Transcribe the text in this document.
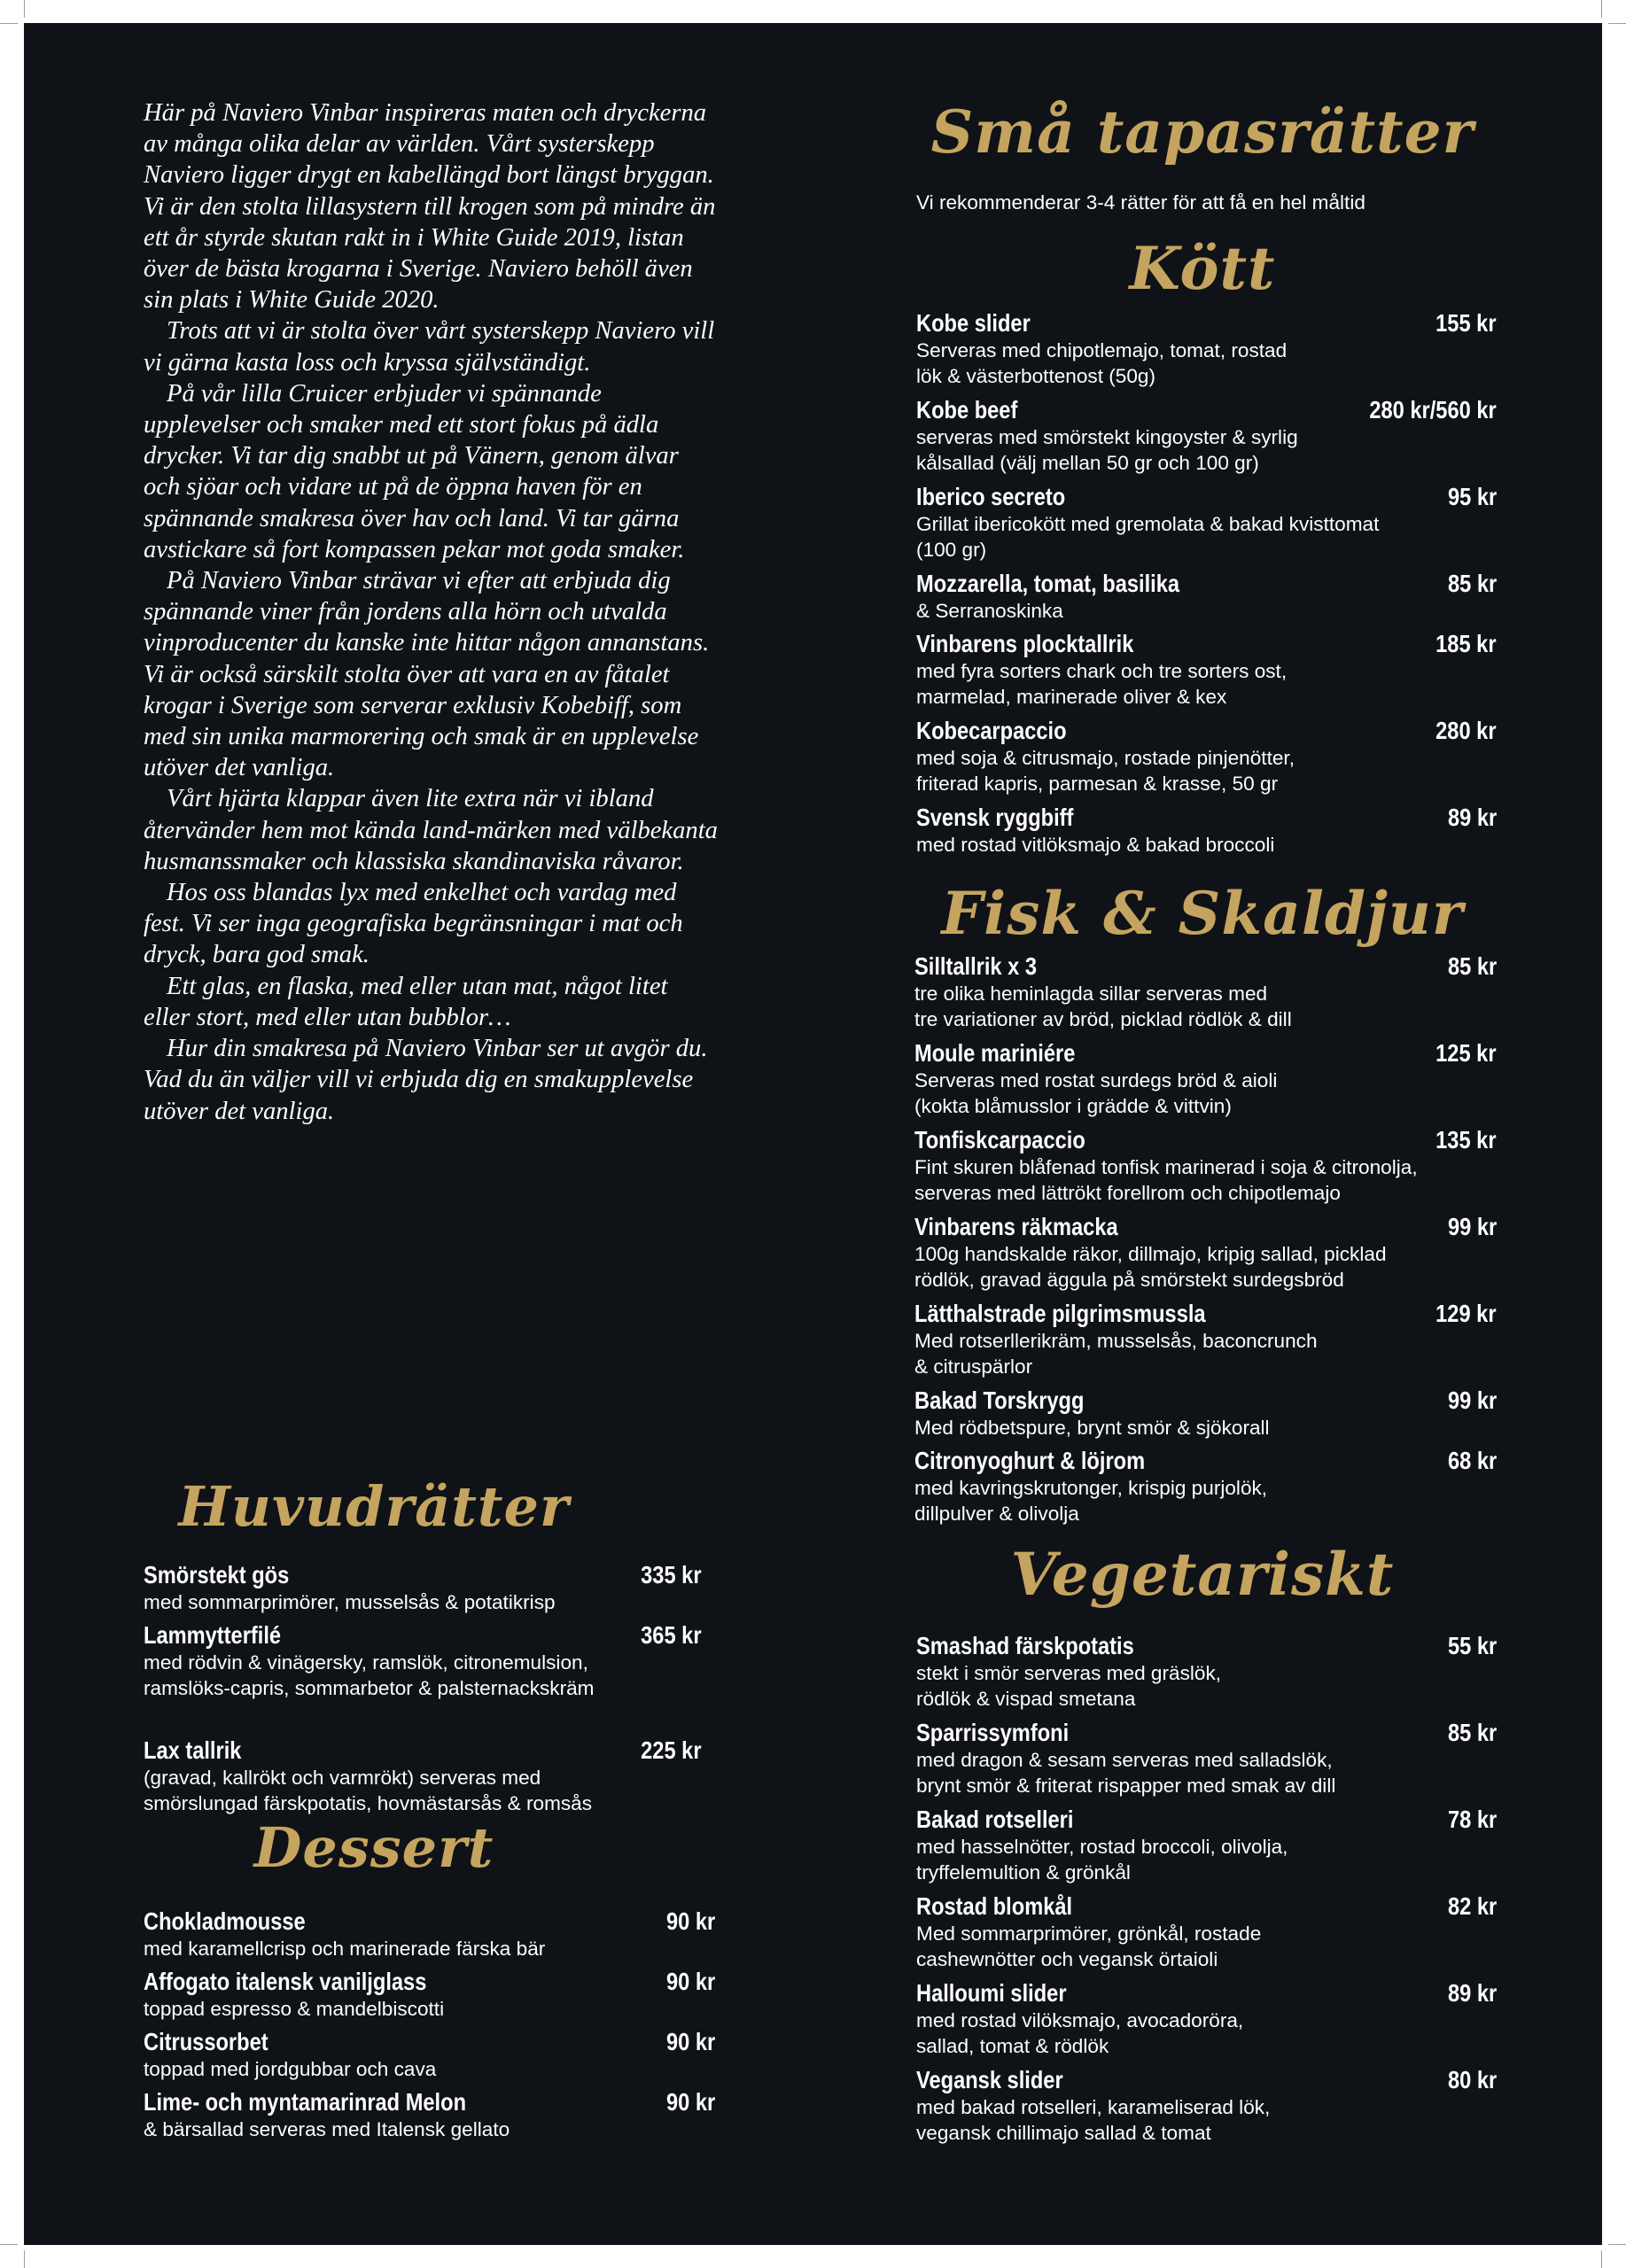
Här på Naviero Vinbar inspireras maten och dryckerna av många olika delar av världen. Vårt systerskepp Naviero ligger drygt en kabellängd bort längst bryggan. Vi är den stolta lillasystern till krogen som på mindre än ett år styrde skutan rakt in i White Guide 2019, listan över de bästa krogarna i Sverige. Naviero behöll även sin plats i White Guide 2020.

Trots att vi är stolta över vårt systerskepp Naviero vill vi gärna kasta loss och kryssa självständigt.

På vår lilla Cruicer erbjuder vi spännande upplevelser och smaker med ett stort fokus på ädla drycker. Vi tar dig snabbt ut på Vänern, genom älvar och sjöar och vidare ut på de öppna haven för en spännande smakresa över hav och land. Vi tar gärna avstickare så fort kompassen pekar mot goda smaker.

På Naviero Vinbar strävar vi efter att erbjuda dig spännande viner från jordens alla hörn och utvalda vinproducenter du kanske inte hittar någon annanstans. Vi är också särskilt stolta över att vara en av fåtalet krogar i Sverige som serverar exklusiv Kobebiff, som med sin unika marmorering och smak är en upplevelse utöver det vanliga.

Vårt hjärta klappar även lite extra när vi ibland återvänder hem mot kända land-märken med välbekanta husmanssmaker och klassiska skandinaviska råvaror.

Hos oss blandas lyx med enkelhet och vardag med fest. Vi ser inga geografiska begränsningar i mat och dryck, bara god smak.

Ett glas, en flaska, med eller utan mat, något litet eller stort, med eller utan bubblor…

Hur din smakresa på Naviero Vinbar ser ut avgör du. Vad du än väljer vill vi erbjuda dig en smakupplevelse utöver det vanliga.

Huvudrätter
Smörstekt gös	335 kr
med sommarprimörer, musselsås & potatikrisp
Lammytterfilé	365 kr
med rödvin & vinägersky, ramslök, citronemulsion,
ramslöks-capris, sommarbetor & palsternackskräm
Lax tallrik	225 kr
(gravad, kallrökt och varmrökt) serveras med
smörslungad färskpotatis, hovmästarsås & romsås
Dessert
Chokladmousse	90 kr
med karamellcrisp och marinerade färska bär
Affogato italensk vaniljglass	90 kr
toppad espresso & mandelbiscotti
Citrussorbet	90 kr
toppad med jordgubbar och cava
Lime- och myntamarinrad Melon	90 kr
& bärsallad serveras med Italensk gellato
Små tapasrätter
Vi rekommenderar 3-4 rätter för att få en hel måltid
Kött
Kobe slider	155 kr
Serveras med chipotlemajo, tomat, rostad
lök & västerbottenost (50g)
Kobe beef	280 kr/560 kr
serveras med smörstekt kingoyster & syrlig
kålsallad (välj mellan 50 gr och 100 gr)
Iberico secreto	95 kr
Grillat ibericokött med gremolata & bakad kvisttomat
(100 gr)
Mozzarella, tomat, basilika	85 kr
& Serranoskinka
Vinbarens plocktallrik	185 kr
med fyra sorters chark och tre sorters ost,
marmelad, marinerade oliver & kex
Kobecarpaccio	280 kr
med soja & citrusmajo, rostade pinjenötter,
friterad kapris, parmesan & krasse, 50 gr
Svensk ryggbiff	89 kr
med rostad vitlöksmajo & bakad broccoli
Fisk & Skaldjur
Silltallrik x 3	85 kr
tre olika heminlagda sillar serveras med
tre variationer av bröd, picklad rödlök & dill
Moule mariniére	125 kr
Serveras med rostat surdegs bröd & aioli
(kokta blåmusslor i grädde & vittvin)
Tonfiskcarpaccio	135 kr
Fint skuren blåfenad tonfisk marinerad i soja & citronolja,
serveras med lättrökt forellrom och chipotlemajo
Vinbarens räkmacka	99 kr
100g handskalde räkor, dillmajo, kripig sallad, picklad
rödlök, gravad äggula på smörstekt surdegsbröd
Lätthalstrade pilgrimsmussla	129 kr
Med rotserllerikräm, musselsås, baconcrunch
& citruspärlor
Bakad Torskrygg	99 kr
Med rödbetspure, brynt smör & sjökorall
Citronyoghurt & löjrom	68 kr
med kavringskrutonger, krispig purjolök,
dillpulver & olivolja
Vegetariskt
Smashad färskpotatis	55 kr
stekt i smör serveras med gräslök,
rödlök & vispad smetana
Sparrissymfoni	85 kr
med dragon & sesam serveras med salladslök,
brynt smör & friterat rispapper med smak av dill
Bakad rotselleri	78 kr
med hasselnötter, rostad broccoli, olivolja,
tryffelemultion & grönkål
Rostad blomkål	82 kr
Med sommarprimörer, grönkål, rostade
cashewnötter och vegansk örtaioli
Halloumi slider	89 kr
med rostad vilöksmajo, avocadoröra,
sallad, tomat & rödlök
Vegansk slider	80 kr
med bakad rotselleri, karameliserad lök,
vegansk chillimajo sallad & tomat
